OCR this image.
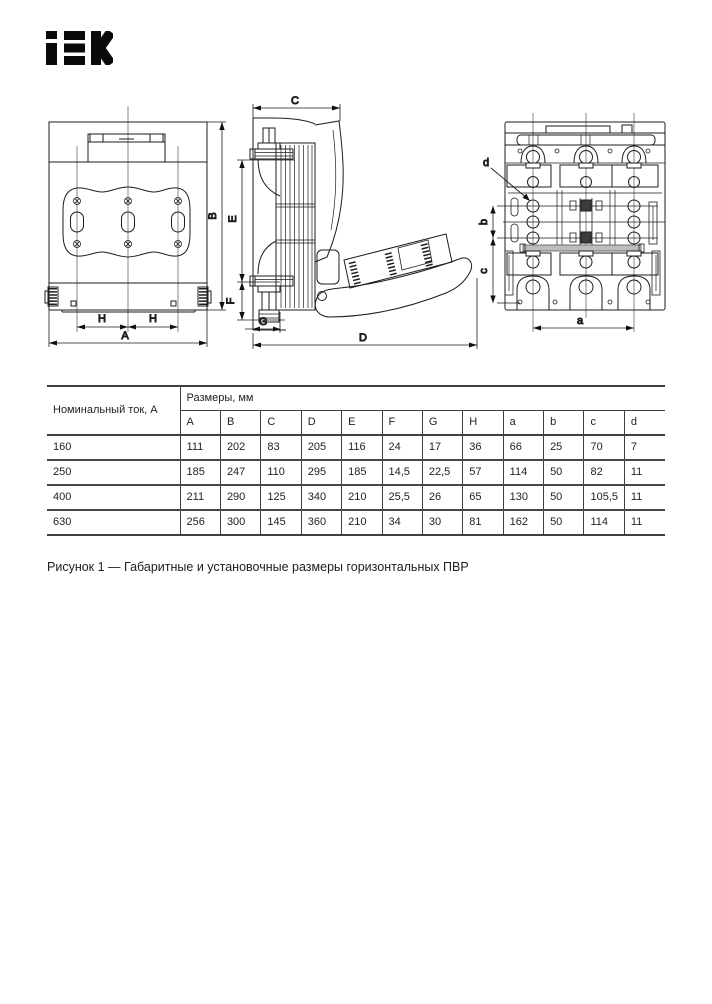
B
H	H
A
C
E
F
G
D
d
b
c
a
Номинальный ток, А	Размеры, мм											
	A	B	C	D	E	F	G	H	a	b	c	d
160	111	202	83	205	116	24	17	36	66	25	70	7
250	185	247	110	295	185	14,5	22,5	57	114	50	82	11
400	211	290	125	340	210	25,5	26	65	130	50	105,5	11
630	256	300	145	360	210	34	30	81	162	50	114	11
Рисунок 1 — Габаритные и установочные размеры горизонтальных ПВР
